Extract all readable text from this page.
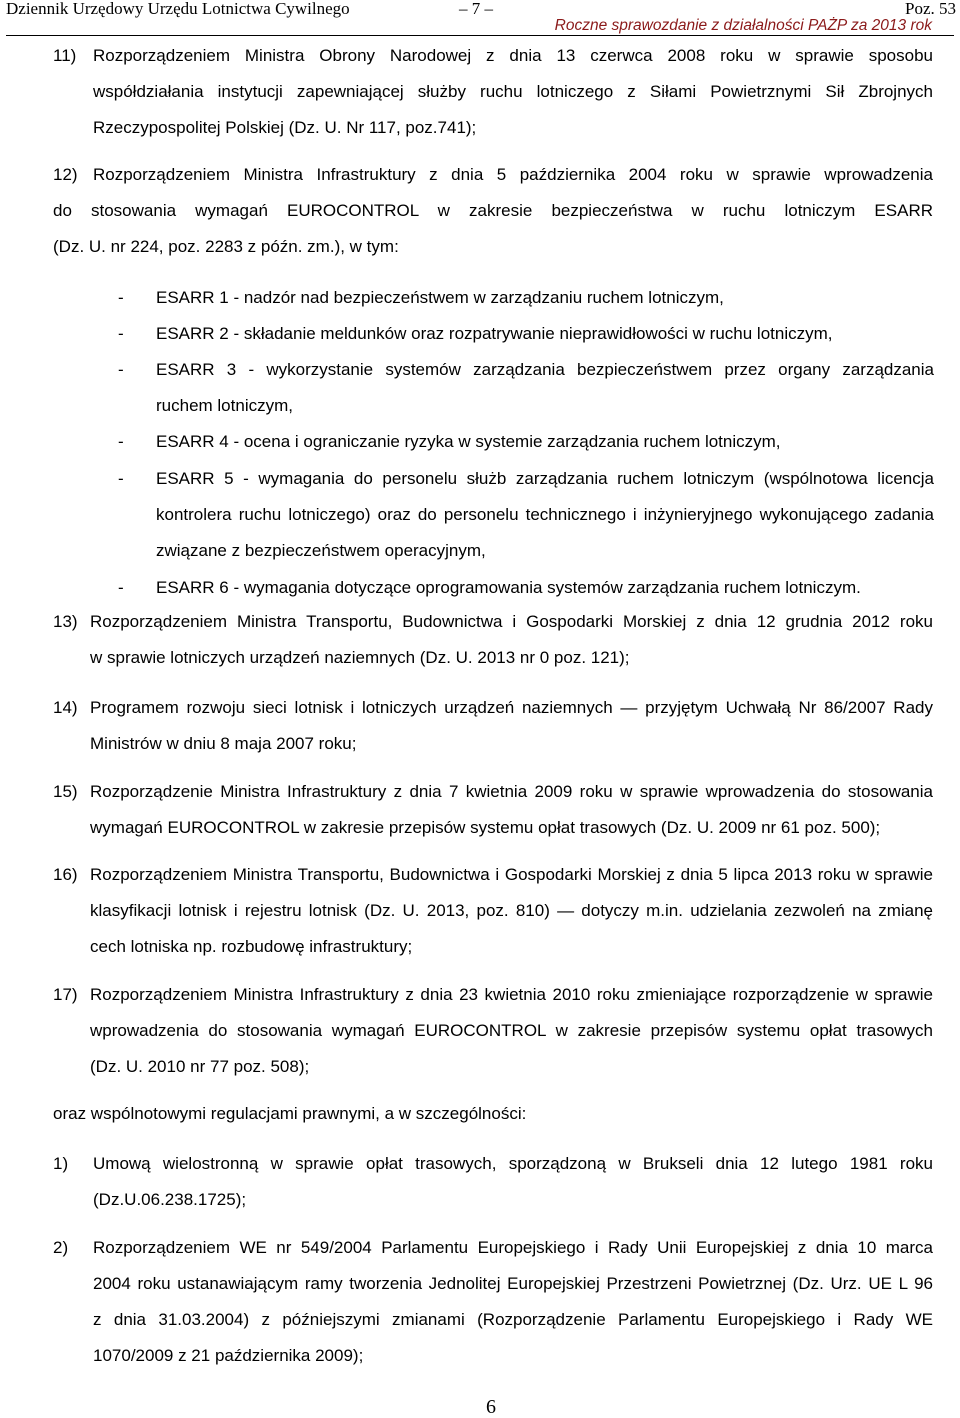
Dziennik Urzędowy Urzędu Lotnictwa Cywilnego	– 7 –	Poz. 53
Roczne sprawozdanie z działalności PAŻP za 2013 rok
11) Rozporządzeniem Ministra Obrony Narodowej z dnia 13 czerwca 2008 roku w sprawie sposobu
współdziałania instytucji zapewniającej służby ruchu lotniczego z Siłami Powietrznymi Sił Zbrojnych
Rzeczypospolitej Polskiej (Dz. U. Nr 117, poz.741);
12) Rozporządzeniem Ministra Infrastruktury z dnia 5 października 2004 roku w sprawie wprowadzenia
do stosowania wymagań EUROCONTROL w zakresie bezpieczeństwa w ruchu lotniczym ESARR
(Dz. U. nr 224, poz. 2283 z późn. zm.), w tym:
- ESARR 1 - nadzór nad bezpieczeństwem w zarządzaniu ruchem lotniczym,
- ESARR 2 - składanie meldunków oraz rozpatrywanie nieprawidłowości w ruchu lotniczym,
- ESARR 3 - wykorzystanie systemów zarządzania bezpieczeństwem przez organy zarządzania
ruchem lotniczym,
- ESARR 4 - ocena i ograniczanie ryzyka w systemie zarządzania ruchem lotniczym,
- ESARR 5 - wymagania do personelu służb zarządzania ruchem lotniczym (wspólnotowa licencja
kontrolera ruchu lotniczego) oraz do personelu technicznego i inżynieryjnego wykonującego zadania
związane z bezpieczeństwem operacyjnym,
- ESARR 6 - wymagania dotyczące oprogramowania systemów zarządzania ruchem lotniczym.
13) Rozporządzeniem Ministra Transportu, Budownictwa i Gospodarki Morskiej z dnia 12 grudnia 2012 roku
w sprawie lotniczych urządzeń naziemnych (Dz. U. 2013 nr 0 poz. 121);
14) Programem rozwoju sieci lotnisk i lotniczych urządzeń naziemnych — przyjętym Uchwałą Nr 86/2007 Rady
Ministrów w dniu 8 maja 2007 roku;
15) Rozporządzenie Ministra Infrastruktury z dnia 7 kwietnia 2009 roku w sprawie wprowadzenia do stosowania
wymagań EUROCONTROL w zakresie przepisów systemu opłat trasowych (Dz. U. 2009 nr 61 poz. 500);
16) Rozporządzeniem Ministra Transportu, Budownictwa i Gospodarki Morskiej z dnia 5 lipca 2013 roku w sprawie
klasyfikacji lotnisk i rejestru lotnisk (Dz. U. 2013, poz. 810) — dotyczy m.in. udzielania zezwoleń na zmianę
cech lotniska np. rozbudowę infrastruktury;
17) Rozporządzeniem Ministra Infrastruktury z dnia 23 kwietnia 2010 roku zmieniające rozporządzenie w sprawie
wprowadzenia do stosowania wymagań EUROCONTROL w zakresie przepisów systemu opłat trasowych
(Dz. U. 2010 nr 77 poz. 508);
oraz wspólnotowymi regulacjami prawnymi, a w szczególności:
1) Umową wielostronną w sprawie opłat trasowych, sporządzoną w Brukseli dnia 12 lutego 1981 roku
(Dz.U.06.238.1725);
2) Rozporządzeniem WE nr 549/2004 Parlamentu Europejskiego i Rady Unii Europejskiej z dnia 10 marca
2004 roku ustanawiającym ramy tworzenia Jednolitej Europejskiej Przestrzeni Powietrznej (Dz. Urz. UE L 96
z dnia 31.03.2004) z późniejszymi zmianami (Rozporządzenie Parlamentu Europejskiego i Rady WE
1070/2009 z 21 października 2009);
6
